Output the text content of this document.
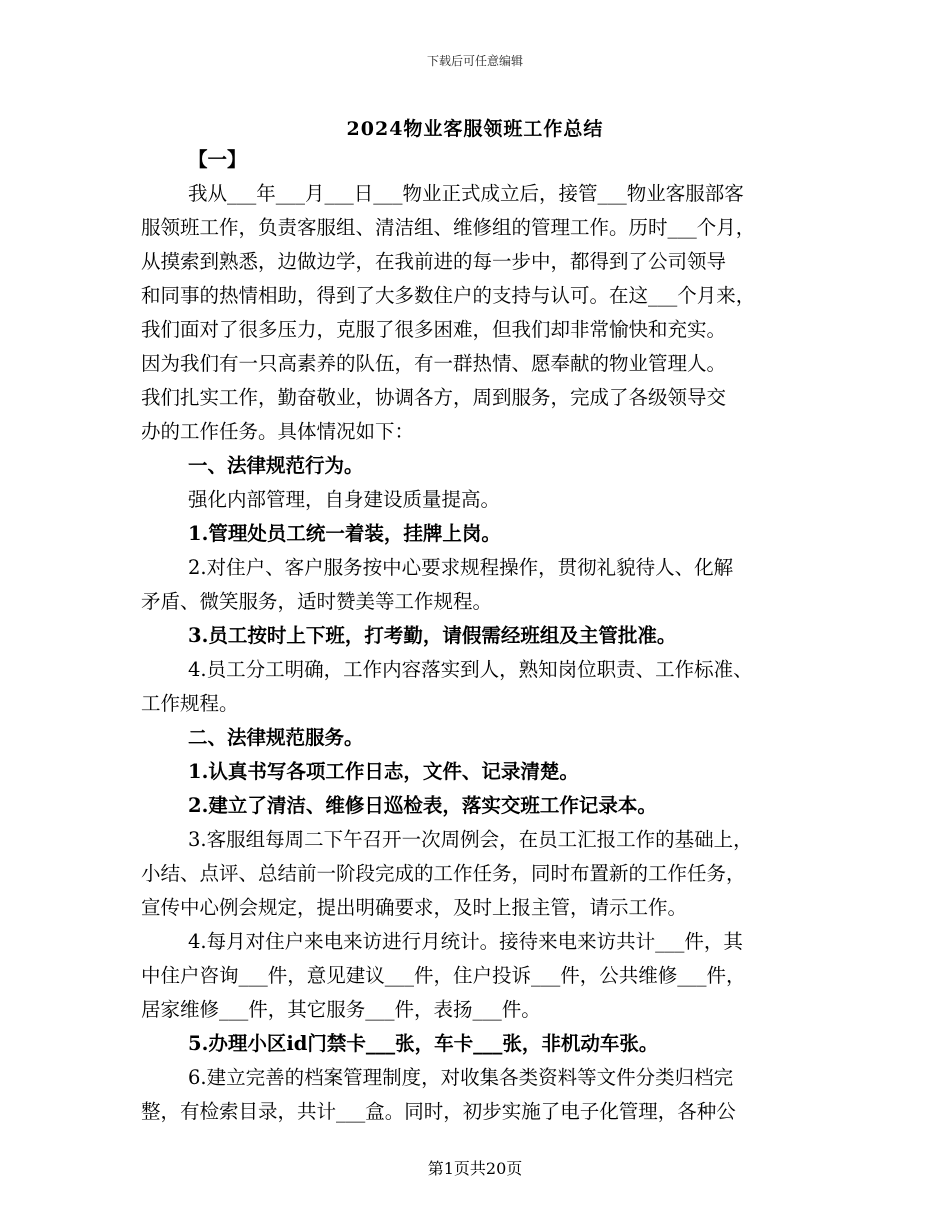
下载后可任意编辑
2024物业客服领班工作总结
【一】
我从___年___月___日___物业正式成立后，接管___物业客服部客
服领班工作，负责客服组、清洁组、维修组的管理工作。历时___个月，
从摸索到熟悉，边做边学，在我前进的每一步中，都得到了公司领导
和同事的热情相助，得到了大多数住户的支持与认可。在这___个月来，
我们面对了很多压力，克服了很多困难，但我们却非常愉快和充实。
因为我们有一只高素养的队伍，有一群热情、愿奉献的物业管理人。
我们扎实工作，勤奋敬业，协调各方，周到服务，完成了各级领导交
办的工作任务。具体情况如下：
一、法律规范行为。
强化内部管理，自身建设质量提高。
1.管理处员工统一着装，挂牌上岗。
2.对住户、客户服务按中心要求规程操作，贯彻礼貌待人、化解
矛盾、微笑服务，适时赞美等工作规程。
3.员工按时上下班，打考勤，请假需经班组及主管批准。
4.员工分工明确，工作内容落实到人，熟知岗位职责、工作标准、
工作规程。
二、法律规范服务。
1.认真书写各项工作日志，文件、记录清楚。
2.建立了清洁、维修日巡检表，落实交班工作记录本。
3.客服组每周二下午召开一次周例会，在员工汇报工作的基础上，
小结、点评、总结前一阶段完成的工作任务，同时布置新的工作任务，
宣传中心例会规定，提出明确要求，及时上报主管，请示工作。
4.每月对住户来电来访进行月统计。接待来电来访共计___件，其
中住户咨询___件，意见建议___件，住户投诉___件，公共维修___件，
居家维修___件，其它服务___件，表扬___件。
5.办理小区id门禁卡___张，车卡___张，非机动车张。
6.建立完善的档案管理制度，对收集各类资料等文件分类归档完
整，有检索目录，共计___盒。同时，初步实施了电子化管理，各种公
第1页共20页
